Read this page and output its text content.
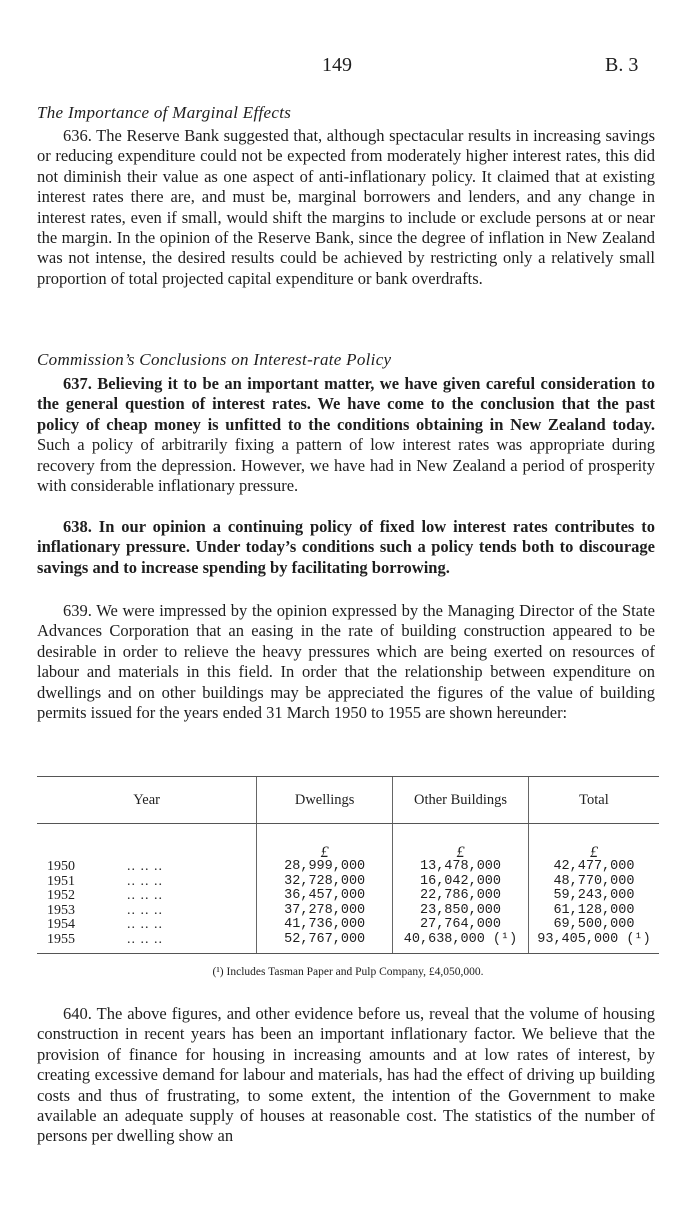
149	B. 3
The Importance of Marginal Effects

636. The Reserve Bank suggested that, although spectacular results in increasing savings or reducing expenditure could not be expected from moderately higher interest rates, this did not diminish their value as one aspect of anti-inflationary policy. It claimed that at existing interest rates there are, and must be, marginal borrowers and lenders, and any change in interest rates, even if small, would shift the margins to include or exclude persons at or near the margin. In the opinion of the Reserve Bank, since the degree of inflation in New Zealand was not intense, the desired results could be achieved by restricting only a relatively small proportion of total projected capital expenditure or bank overdrafts.

Commission’s Conclusions on Interest-rate Policy

637. Believing it to be an important matter, we have given careful consideration to the general question of interest rates. We have come to the conclusion that the past policy of cheap money is unfitted to the conditions obtaining in New Zealand today. Such a policy of arbitrarily fixing a pattern of low interest rates was appropriate during recovery from the depression. However, we have had in New Zealand a period of prosperity with considerable inflationary pressure.

638. In our opinion a continuing policy of fixed low interest rates contributes to inflationary pressure. Under today’s conditions such a policy tends both to discourage savings and to increase spending by facilitating borrowing.

639. We were impressed by the opinion expressed by the Managing Director of the State Advances Corporation that an easing in the rate of building construction appeared to be desirable in order to relieve the heavy pressures which are being exerted on resources of labour and materials in this field. In order that the relationship between expenditure on dwellings and on other buildings may be appreciated the figures of the value of building permits issued for the years ended 31 March 1950 to 1955 are shown hereunder:

Year	Dwellings	Other Buildings	Total
	£	£	£
1950 .. .. ..	28,999,000	13,478,000	42,477,000
1951 .. .. ..	32,728,000	16,042,000	48,770,000
1952 .. .. ..	36,457,000	22,786,000	59,243,000
1953 .. .. ..	37,278,000	23,850,000	61,128,000
1954 .. .. ..	41,736,000	27,764,000	69,500,000
1955 .. .. ..	52,767,000	40,638,000 (¹)	93,405,000 (¹)
(¹) Includes Tasman Paper and Pulp Company, £4,050,000.

640. The above figures, and other evidence before us, reveal that the volume of housing construction in recent years has been an important inflationary factor. We believe that the provision of finance for housing in increasing amounts and at low rates of interest, by creating excessive demand for labour and materials, has had the effect of driving up building costs and thus of frustrating, to some extent, the intention of the Government to make available an adequate supply of houses at reasonable cost. The statistics of the number of persons per dwelling show an
